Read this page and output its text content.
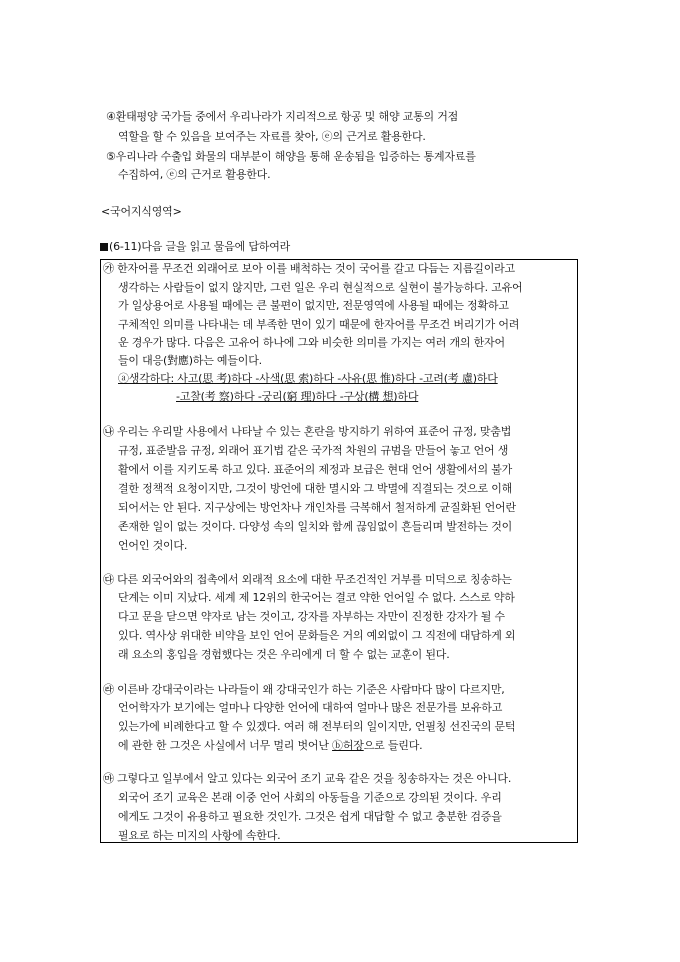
④환태평양 국가들 중에서 우리나라가 지리적으로 항공 및 해양 교통의 거점
역할을 할 수 있음을 보여주는 자료를 찾아, ⓔ의 근거로 활용한다.
⑤우리나라 수출입 화물의 대부분이 해양을 통해 운송됨을 입증하는 통계자료를
수집하여, ⓔ의 근거로 활용한다.
<국어지식영역>
(6-11)다음 글을 읽고 물음에 답하여라
㉮ 한자어를 무조건 외래어로 보아 이를 배척하는 것이 국어를 갈고 다듬는 지름길이라고
생각하는 사람들이 없지 않지만, 그런 일은 우리 현실적으로 실현이 불가능하다. 고유어
가 일상용어로 사용될 때에는 큰 불편이 없지만, 전문영역에 사용될 때에는 정확하고
구체적인 의미를 나타내는 데 부족한 면이 있기 때문에 한자어를 무조건 버리기가 어려
운 경우가 많다. 다음은 고유어 하나에 그와 비슷한 의미를 가지는 여러 개의 한자어
들이 대응(對應)하는 예들이다.
ⓐ생각하다: 사고(思 考)하다 -사색(思 索)하다 -사유(思 惟)하다 -고려(考 慮)하다
-고찰(考 察)하다 -궁리(窮 理)하다 -구상(構 想)하다
㉯ 우리는 우리말 사용에서 나타날 수 있는 혼란을 방지하기 위하여 표준어 규정, 맞춤법
규정, 표준발음 규정, 외래어 표기법 같은 국가적 차원의 규범을 만들어 놓고 언어 생
활에서 이를 지키도록 하고 있다. 표준어의 제정과 보급은 현대 언어 생활에서의 불가
결한 정책적 요청이지만, 그것이 방언에 대한 멸시와 그 박멸에 직결되는 것으로 이해
되어서는 안 된다. 지구상에는 방언차나 개인차를 극복해서 철저하게 균질화된 언어란
존재한 일이 없는 것이다. 다양성 속의 일치와 함께 끊임없이 흔들리며 발전하는 것이
언어인 것이다.
㉰ 다른 외국어와의 접촉에서 외래적 요소에 대한 무조건적인 거부를 미덕으로 칭송하는
단계는 이미 지났다. 세계 제 12위의 한국어는 결코 약한 언어일 수 없다. 스스로 약하
다고 문을 닫으면 약자로 남는 것이고, 강자를 자부하는 자만이 진정한 강자가 될 수
있다. 역사상 위대한 비약을 보인 언어 문화들은 거의 예외없이 그 직전에 대담하게 외
래 요소의 홍입을 경험했다는 것은 우리에게 더 할 수 없는 교훈이 된다.
㉱ 이른바 강대국이라는 나라들이 왜 강대국인가 하는 기준은 사람마다 많이 다르지만,
언어학자가 보기에는 얼마나 다양한 언어에 대하여 얼마나 많은 전문가를 보유하고
있는가에 비례한다고 할 수 있겠다. 여러 해 전부터의 일이지만, 언필칭 선진국의 문턱
에 관한 한 그것은 사실에서 너무 멀리 벗어난 ⓑ허장으로 들린다.
㉲ 그렇다고 일부에서 알고 있다는 외국어 조기 교육 같은 것을 칭송하자는 것은 아니다.
외국어 조기 교육은 본래 이중 언어 사회의 아동들을 기준으로 강의된 것이다. 우리
에게도 그것이 유용하고 필요한 것인가. 그것은 쉽게 대답할 수 없고 충분한 검증을
필요로 하는 미지의 사항에 속한다.
